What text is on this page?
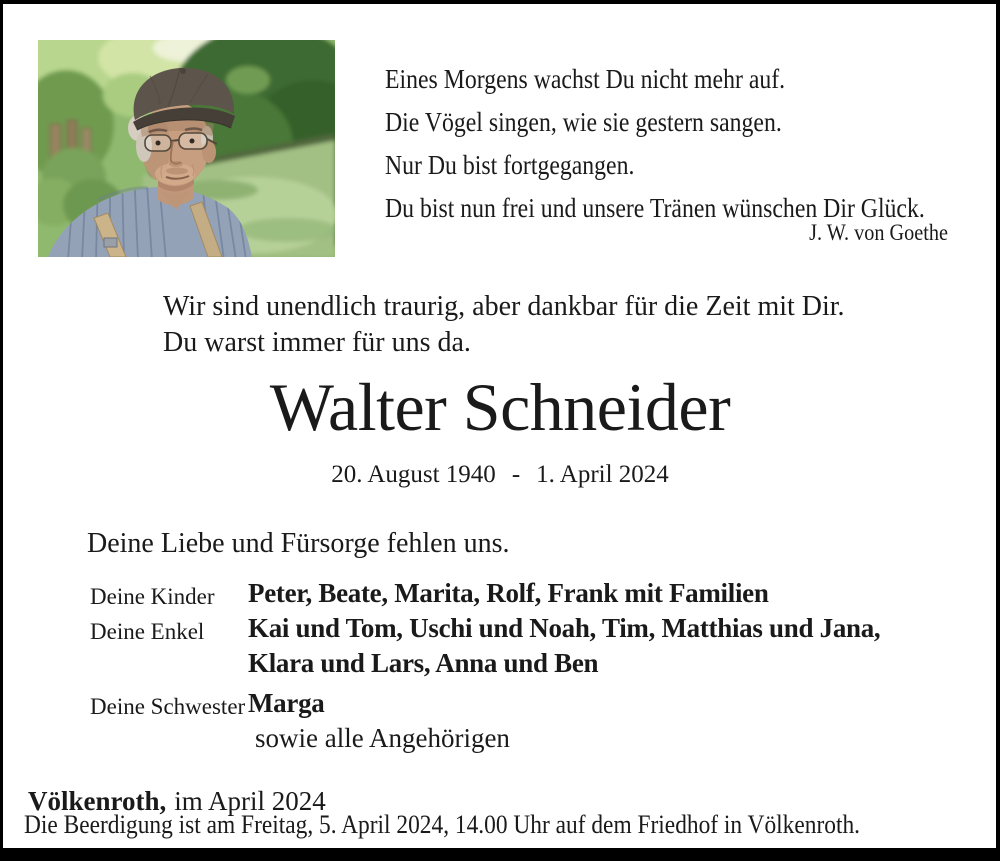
Eines Morgens wachst Du nicht mehr auf.
Die Vögel singen, wie sie gestern sangen.
Nur Du bist fortgegangen.
Du bist nun frei und unsere Tränen wünschen Dir Glück.
J. W. von Goethe
Wir sind unendlich traurig, aber dankbar für die Zeit mit Dir.
Du warst immer für uns da.
Walter Schneider
20. August 1940 - 1. April 2024
Deine Liebe und Fürsorge fehlen uns.
Deine Kinder Peter, Beate, Marita, Rolf, Frank mit Familien
Deine Enkel Kai und Tom, Uschi und Noah, Tim, Matthias und Jana,
Klara und Lars, Anna und Ben
Deine Schwester Marga
sowie alle Angehörigen
Völkenroth, im April 2024
Die Beerdigung ist am Freitag, 5. April 2024, 14.00 Uhr auf dem Friedhof in Völkenroth.
